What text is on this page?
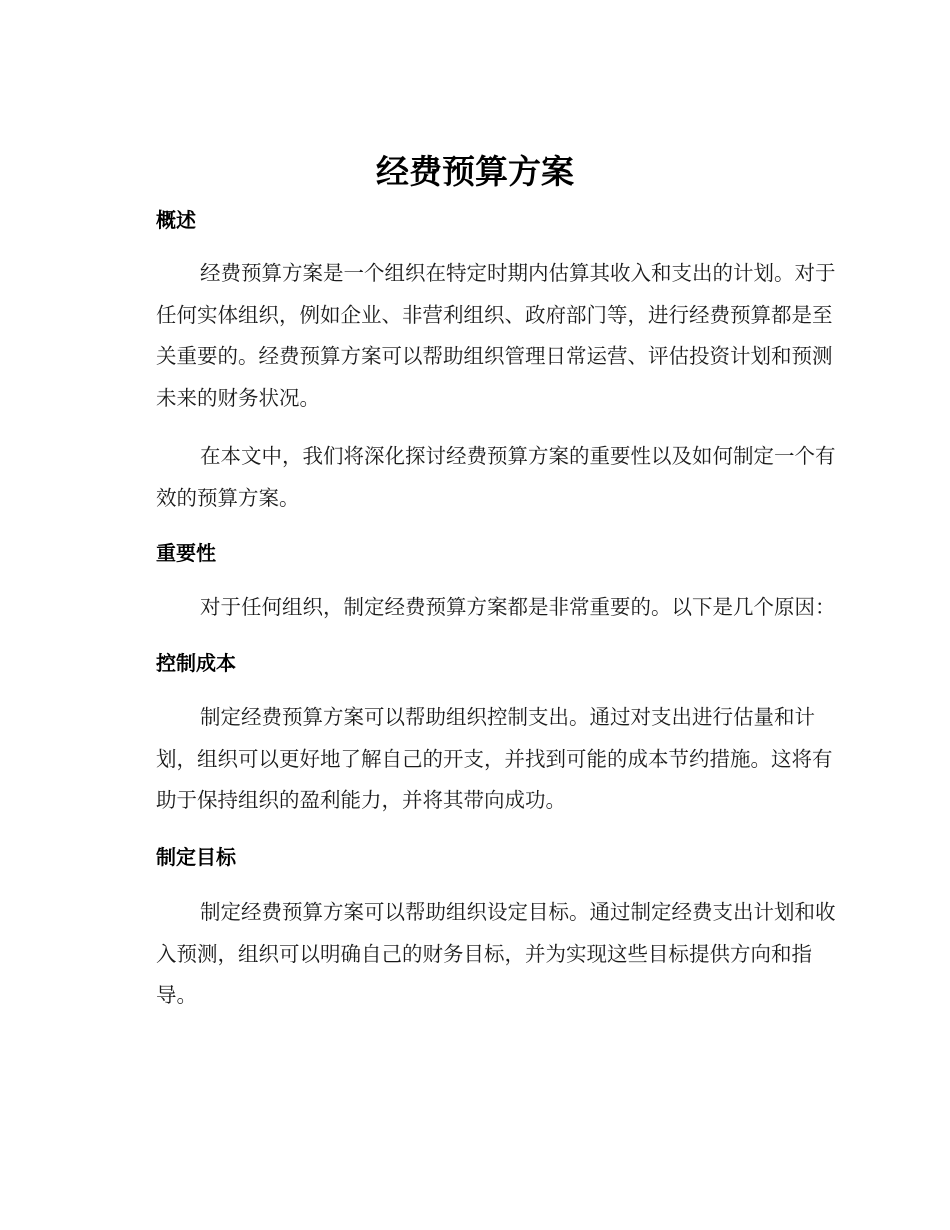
经费预算方案
概述

经费预算方案是一个组织在特定时期内估算其收入和支出的计划。对于
任何实体组织，例如企业、非营利组织、政府部门等，进行经费预算都是至
关重要的。经费预算方案可以帮助组织管理日常运营、评估投资计划和预测
未来的财务状况。

在本文中，我们将深化探讨经费预算方案的重要性以及如何制定一个有
效的预算方案。

重要性

对于任何组织，制定经费预算方案都是非常重要的。以下是几个原因：

控制成本

制定经费预算方案可以帮助组织控制支出。通过对支出进行估量和计
划，组织可以更好地了解自己的开支，并找到可能的成本节约措施。这将有
助于保持组织的盈利能力，并将其带向成功。

制定目标

制定经费预算方案可以帮助组织设定目标。通过制定经费支出计划和收
入预测，组织可以明确自己的财务目标，并为实现这些目标提供方向和指
导。
